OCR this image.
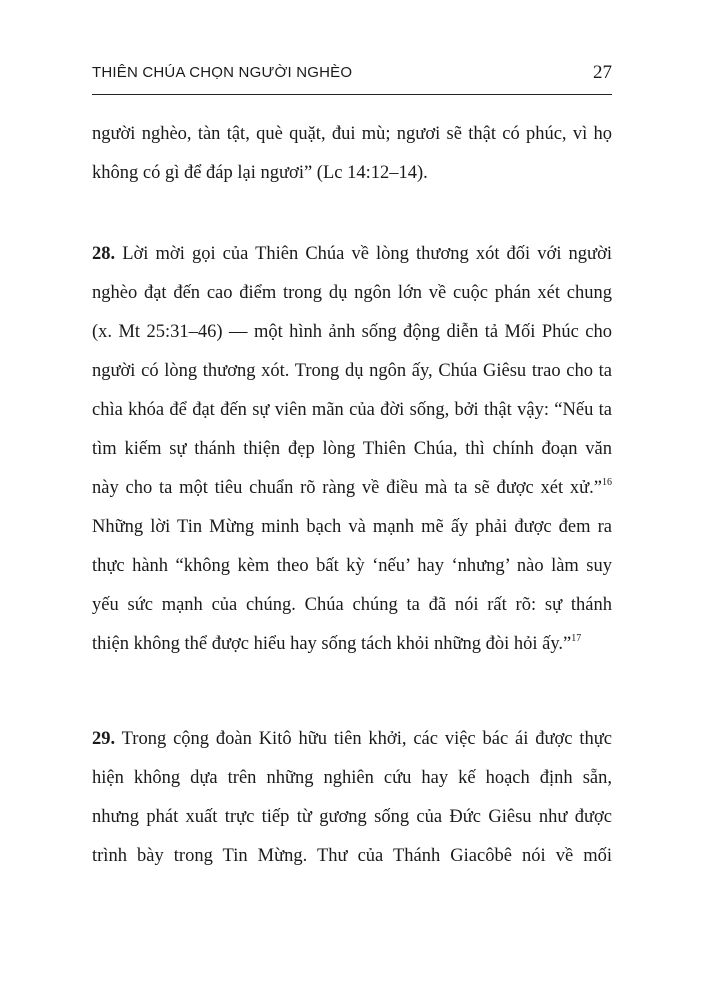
THIÊN CHÚA CHỌN NGƯỜI NGHÈO	27
người nghèo, tàn tật, què quặt, đui mù; ngươi sẽ thật có phúc, vì họ
không có gì để đáp lại ngươi” (Lc 14:12–14).
28. Lời mời gọi của Thiên Chúa về lòng thương xót đối với người
nghèo đạt đến cao điểm trong dụ ngôn lớn về cuộc phán xét chung
(x. Mt 25:31–46) — một hình ảnh sống động diễn tả Mối Phúc cho
người có lòng thương xót. Trong dụ ngôn ấy, Chúa Giêsu trao cho ta
chìa khóa để đạt đến sự viên mãn của đời sống, bởi thật vậy: “Nếu ta
tìm kiếm sự thánh thiện đẹp lòng Thiên Chúa, thì chính đoạn văn
này cho ta một tiêu chuẩn rõ ràng về điều mà ta sẽ được xét xử.”$^{16}$
Những lời Tin Mừng minh bạch và mạnh mẽ ấy phải được đem ra
thực hành “không kèm theo bất kỳ ‘nếu’ hay ‘nhưng’ nào làm suy
yếu sức mạnh của chúng. Chúa chúng ta đã nói rất rõ: sự thánh
thiện không thể được hiểu hay sống tách khỏi những đòi hỏi ấy.”$^{17}$
29. Trong cộng đoàn Kitô hữu tiên khởi, các việc bác ái được thực
hiện không dựa trên những nghiên cứu hay kế hoạch định sẵn,
nhưng phát xuất trực tiếp từ gương sống của Đức Giêsu như được
trình bày trong Tin Mừng. Thư của Thánh Giacôbê nói về mối
